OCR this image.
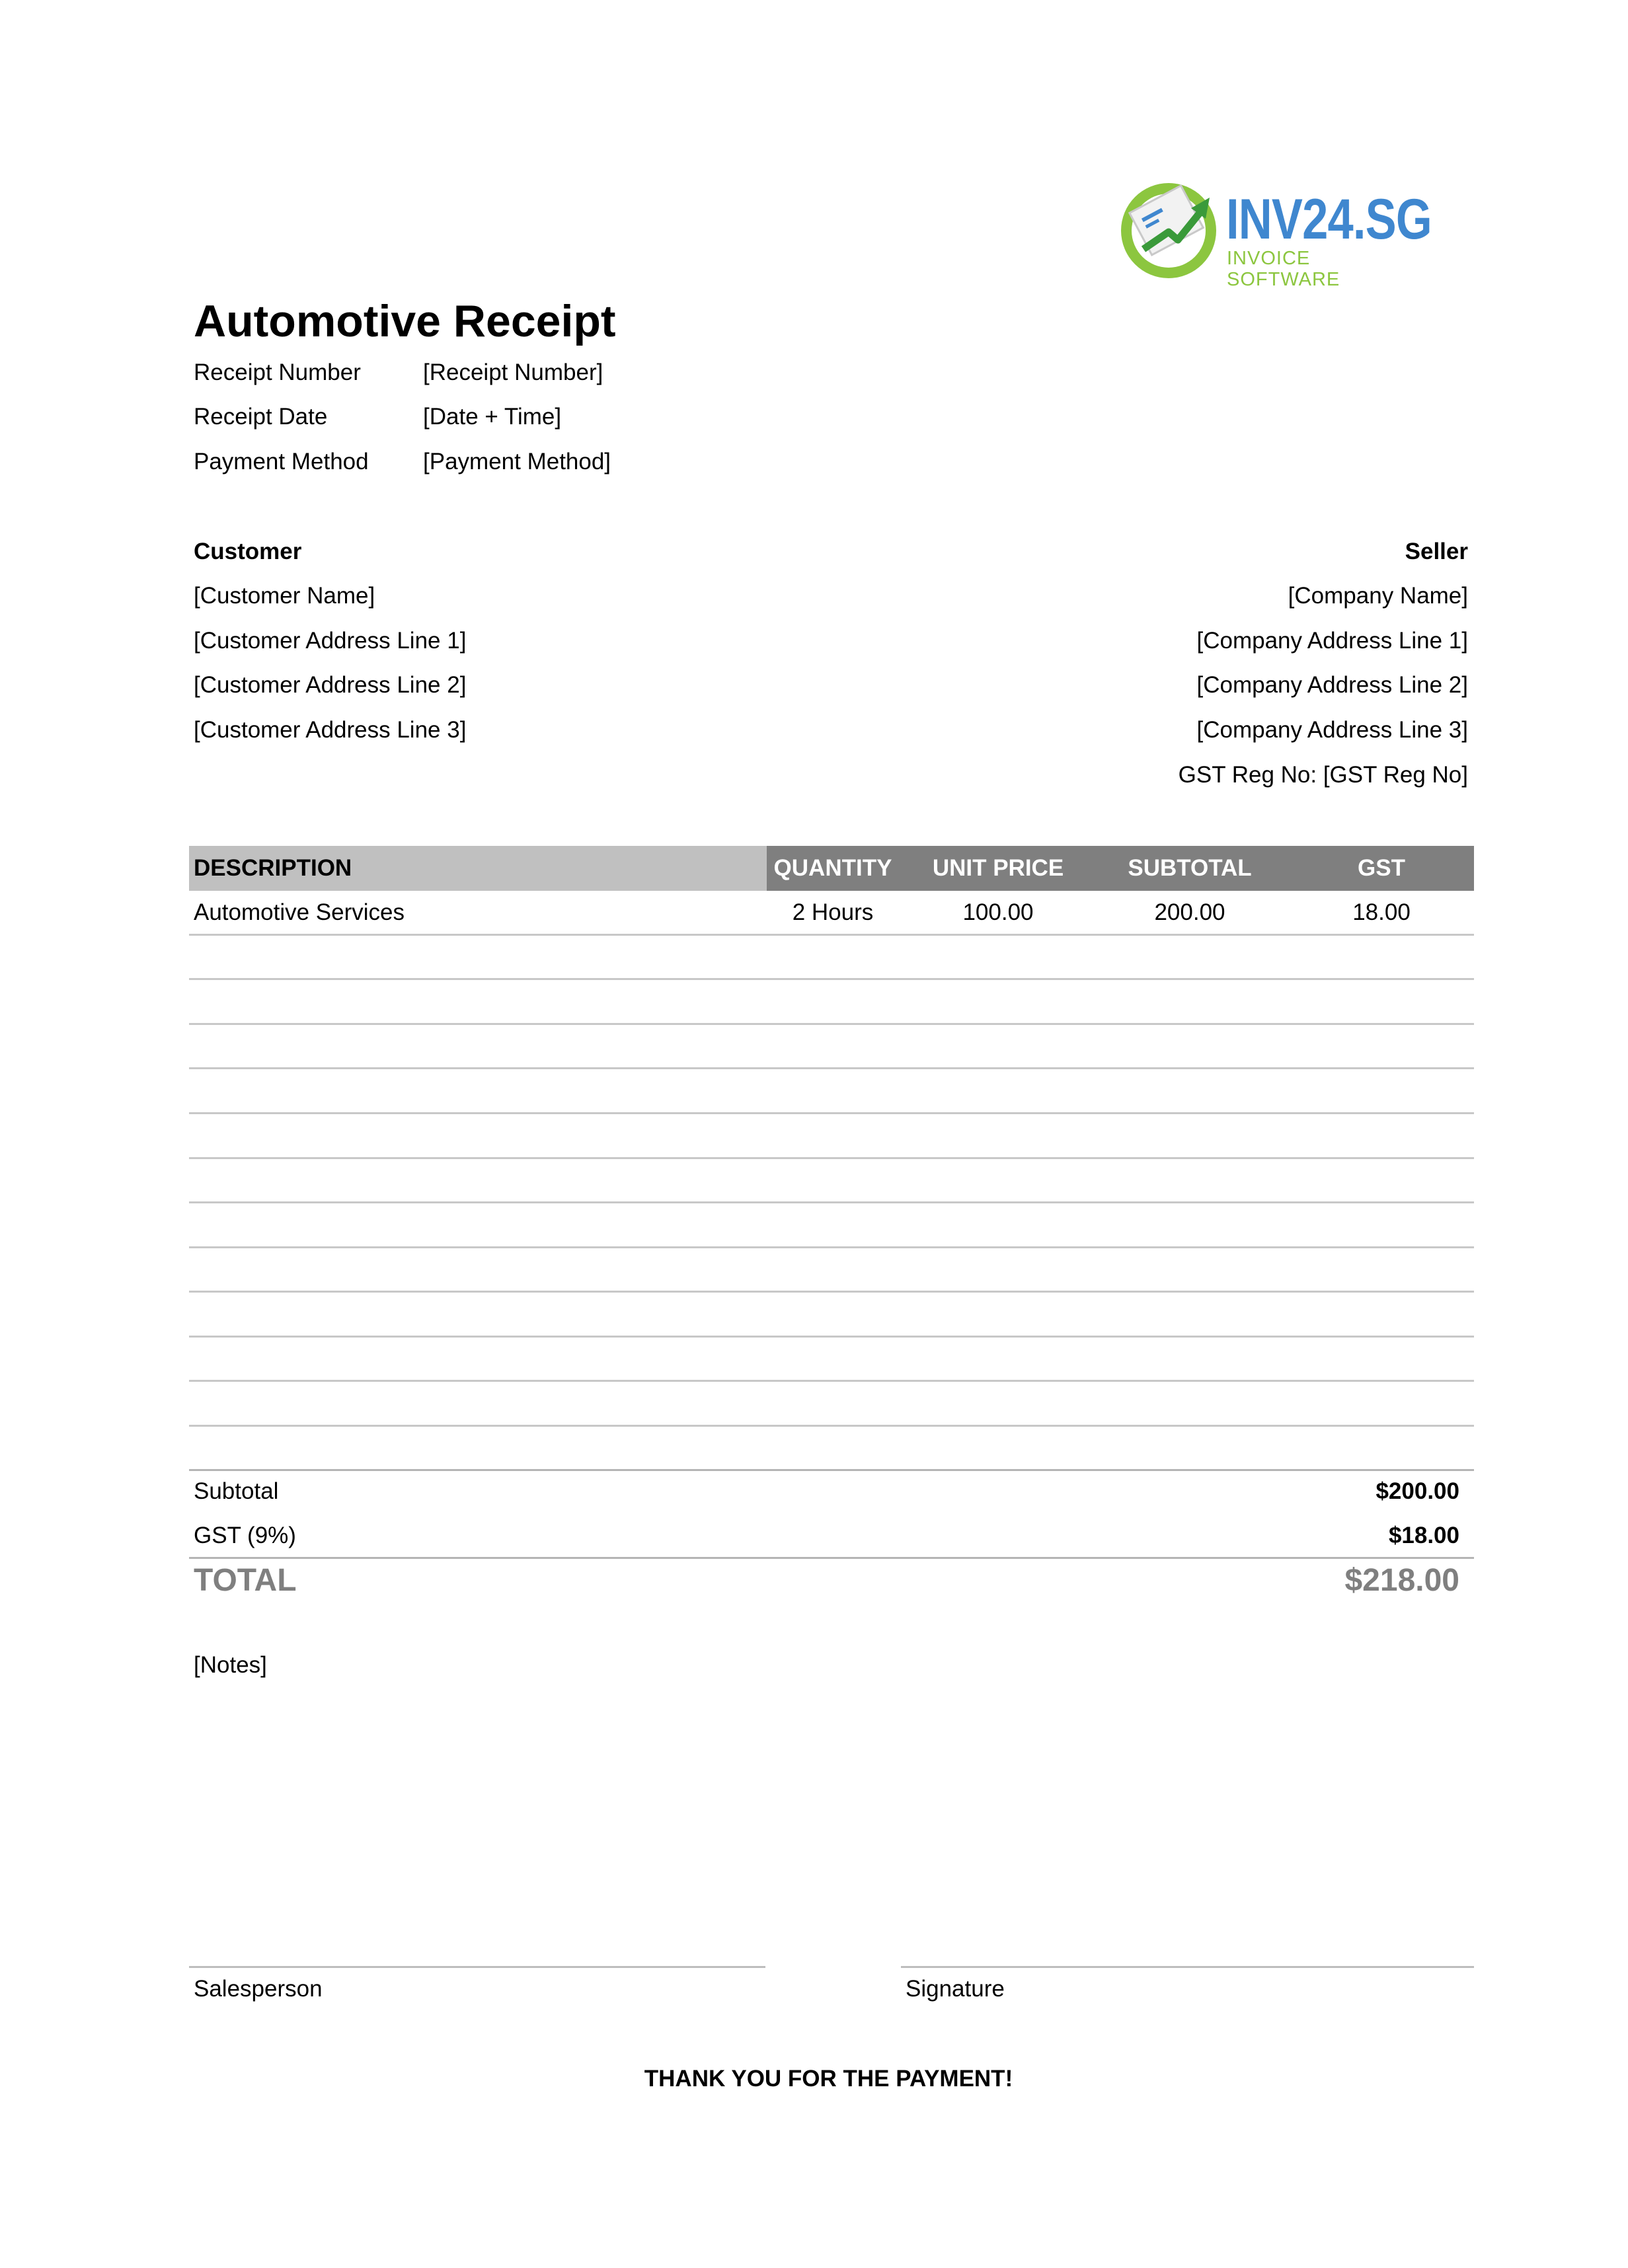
INV24.SG
INVOICE SOFTWARE
Automotive Receipt
Receipt Number	[Receipt Number]
Receipt Date	[Date + Time]
Payment Method [Payment Method]
Customer
[Customer Name]
[Customer Address Line 1]
[Customer Address Line 2]
[Customer Address Line 3]
Seller
[Company Name]
[Company Address Line 1]
[Company Address Line 2]
[Company Address Line 3]
GST Reg No: [GST Reg No]
DESCRIPTION	QUANTITY	UNIT PRICE	SUBTOTAL	GST
Automotive Services	2 Hours	100.00	200.00	18.00
Subtotal	$200.00
GST (9%)	$18.00
TOTAL	$218.00
[Notes]
Salesperson	Signature
THANK YOU FOR THE PAYMENT!
